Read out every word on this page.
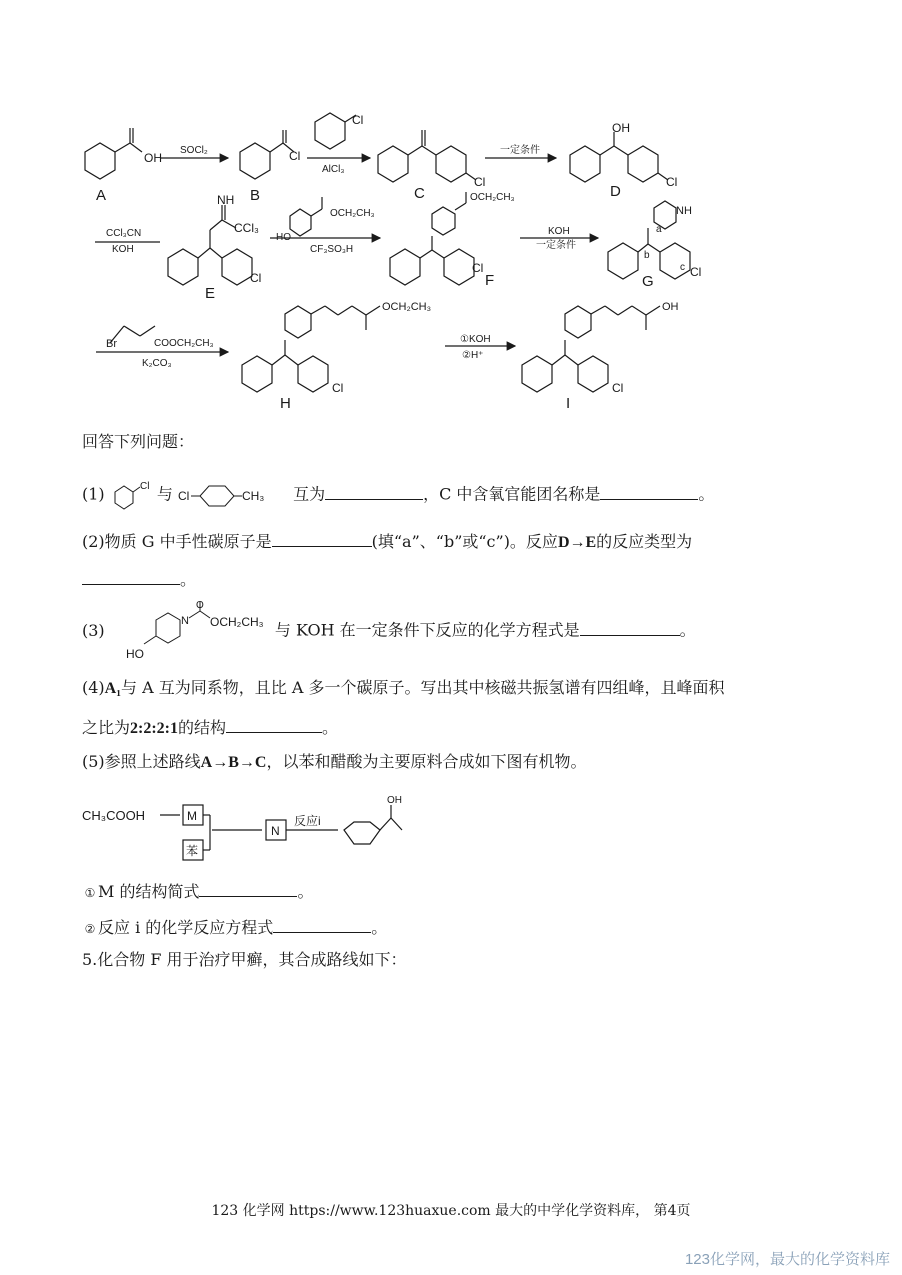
A
OH
SOCl₂
B
Cl
Cl
AlCl₃
C
Cl
一定条件
OH
D
Cl
CCl₃CN
KOH
NH
CCl₃
E
Cl
HO
OCH₂CH₃
CF₃SO₃H
F
Cl
OCH₂CH₃
KOH
一定条件
NH
a
b
c
G
Cl
Br	COOCH₂CH₃
K₂CO₃
OCH₂CH₃
H
Cl
①KOH
②H⁺
OH
I
Cl
回答下列问题：
(1)	Cl 与 Cl	CH₃ 互为	，C 中含氧官能团名称是	。
(2)物质 G 中手性碳原子是	(填“a”、“b”或“c”)。反应D→E的反应类型为
。
(3)
HO
N
O
OCH₂CH₃ 与 KOH 在一定条件下反应的化学方程式是	。
(4)A₁与 A 互为同系物，且比 A 多一个碳原子。写出其中核磁共振氢谱有四组峰，且峰面积
之比为2:2:2:1的结构	。
(5)参照上述路线A→B→C，以苯和醋酸为主要原料合成如下图有机物。
CH₃COOH	M
苯
N
反应i
OH
① M 的结构简式	。
② 反应 i 的化学反应方程式	。
5.化合物 F 用于治疗甲癣，其合成路线如下：
123 化学网 https://www.123huaxue.com 最大的中学化学资料库， 第4页
123化学网，最大的化学资料库
